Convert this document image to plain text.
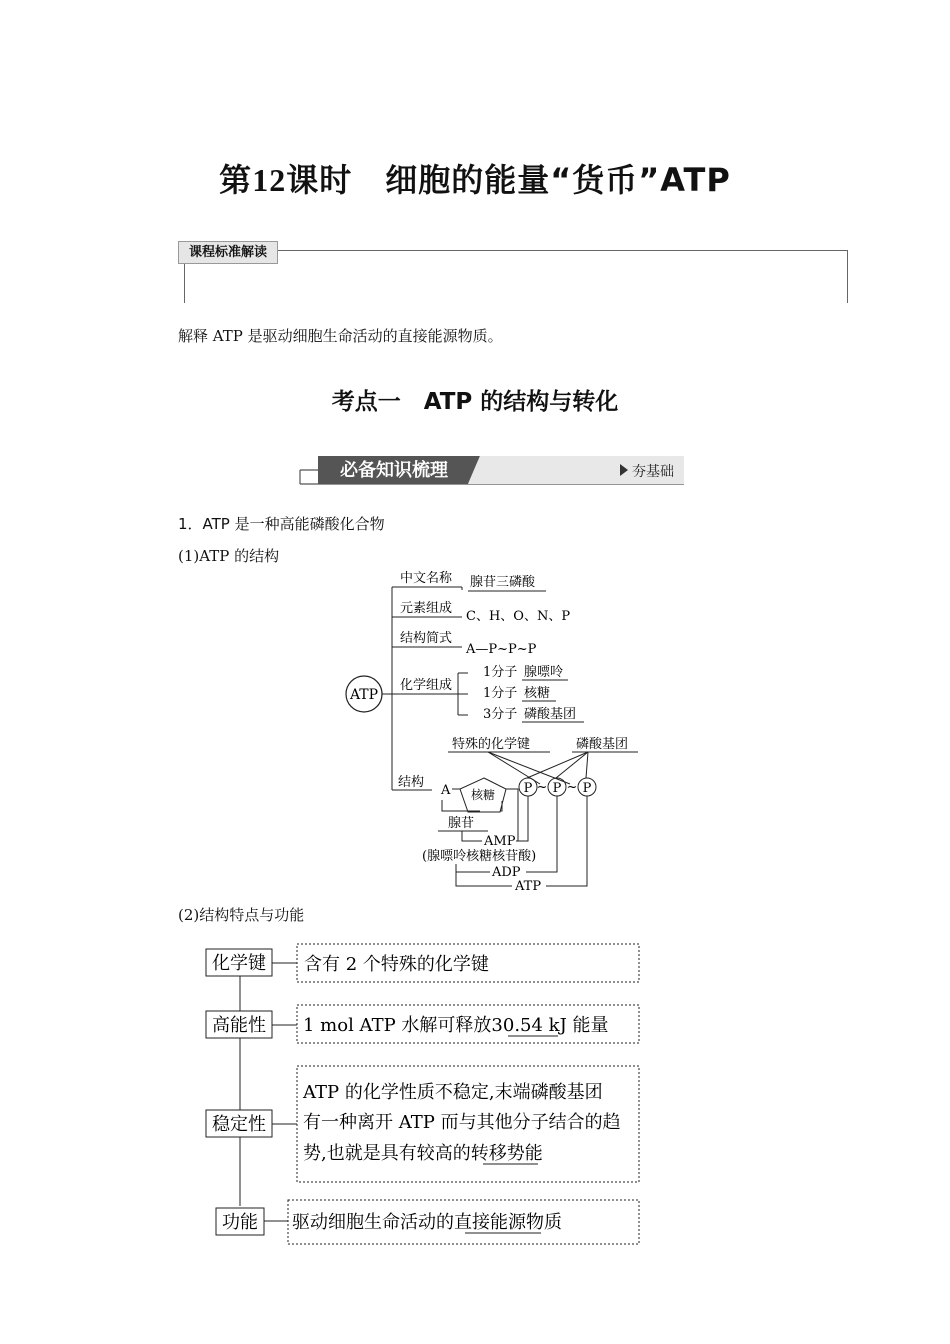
第12课时　细胞的能量“货币”ATP
课程标准解读
解释 ATP 是驱动细胞生命活动的直接能源物质。
考点一　ATP 的结构与转化
必备知识梳理	夯基础
1．ATP 是一种高能磷酸化合物
(1)ATP 的结构
ATP
中文名称
元素组成
结构简式
化学组成
结构
腺苷三磷酸
C、H、O、N、P
A—P~P~P
1分子 腺嘌呤
1分子 核糖
3分子 磷酸基团
特殊的化学键	磷酸基团
A 核糖 P ~ P ~ P
腺苷
AMP
(腺嘌呤核糖核苷酸)
ADP
ATP
(2)结构特点与功能
化学键 含有 2 个特殊的化学键
高能性 1 mol ATP 水解可释放30.54 kJ 能量
稳定性
ATP 的化学性质不稳定,末端磷酸基团
有一种离开 ATP 而与其他分子结合的趋
势,也就是具有较高的转移势能
功能 驱动细胞生命活动的直接能源物质
